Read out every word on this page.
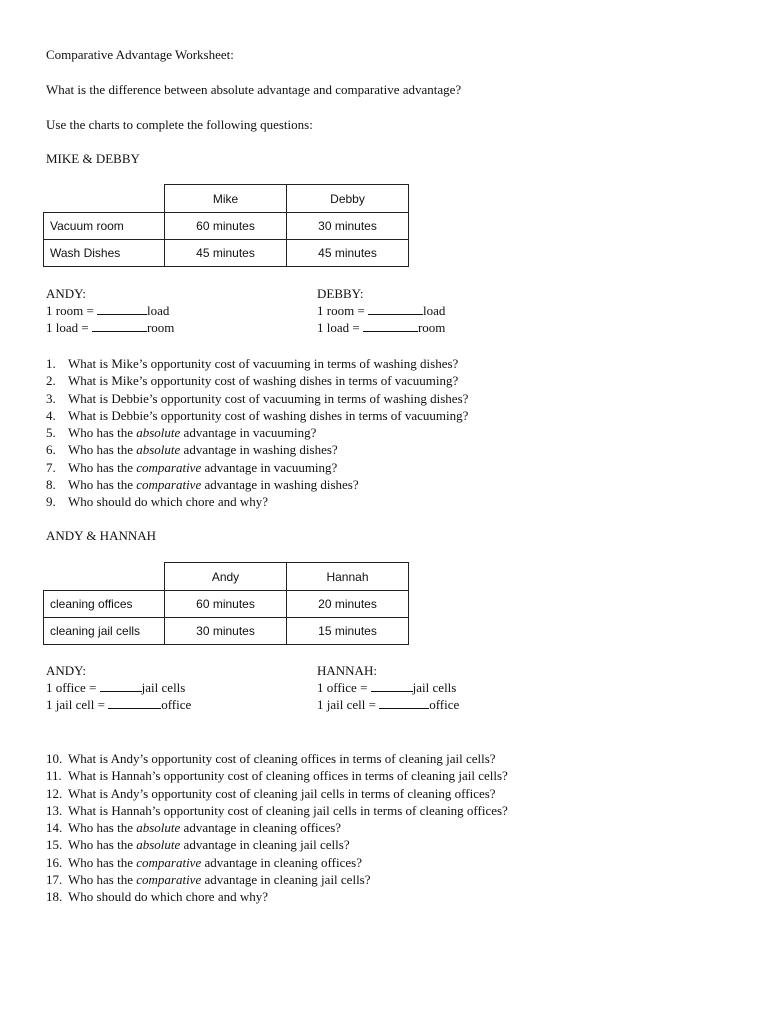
Comparative Advantage Worksheet:
What is the difference between absolute advantage and comparative advantage?
Use the charts to complete the following questions:
MIKE & DEBBY
	Mike	Debby
Vacuum room	60 minutes	30 minutes
Wash Dishes	45 minutes	45 minutes
ANDY:
1 room =	load
1 load =	room
DEBBY:
1 room =	load
1 load =	room
1. What is Mike’s opportunity cost of vacuuming in terms of washing dishes?
2. What is Mike’s opportunity cost of washing dishes in terms of vacuuming?
3. What is Debbie’s opportunity cost of vacuuming in terms of washing dishes?
4. What is Debbie’s opportunity cost of washing dishes in terms of vacuuming?
5. Who has the absolute advantage in vacuuming?
6. Who has the absolute advantage in washing dishes?
7. Who has the comparative advantage in vacuuming?
8. Who has the comparative advantage in washing dishes?
9. Who should do which chore and why?
ANDY & HANNAH
	Andy	Hannah
cleaning offices	60 minutes	20 minutes
cleaning jail cells	30 minutes	15 minutes
ANDY:
1 office =	jail cells
1 jail cell =	office
HANNAH:
1 office =	jail cells
1 jail cell =	office
10. What is Andy’s opportunity cost of cleaning offices in terms of cleaning jail cells?
11. What is Hannah’s opportunity cost of cleaning offices in terms of cleaning jail cells?
12. What is Andy’s opportunity cost of cleaning jail cells in terms of cleaning offices?
13. What is Hannah’s opportunity cost of cleaning jail cells in terms of cleaning offices?
14. Who has the absolute advantage in cleaning offices?
15. Who has the absolute advantage in cleaning jail cells?
16. Who has the comparative advantage in cleaning offices?
17. Who has the comparative advantage in cleaning jail cells?
18. Who should do which chore and why?
